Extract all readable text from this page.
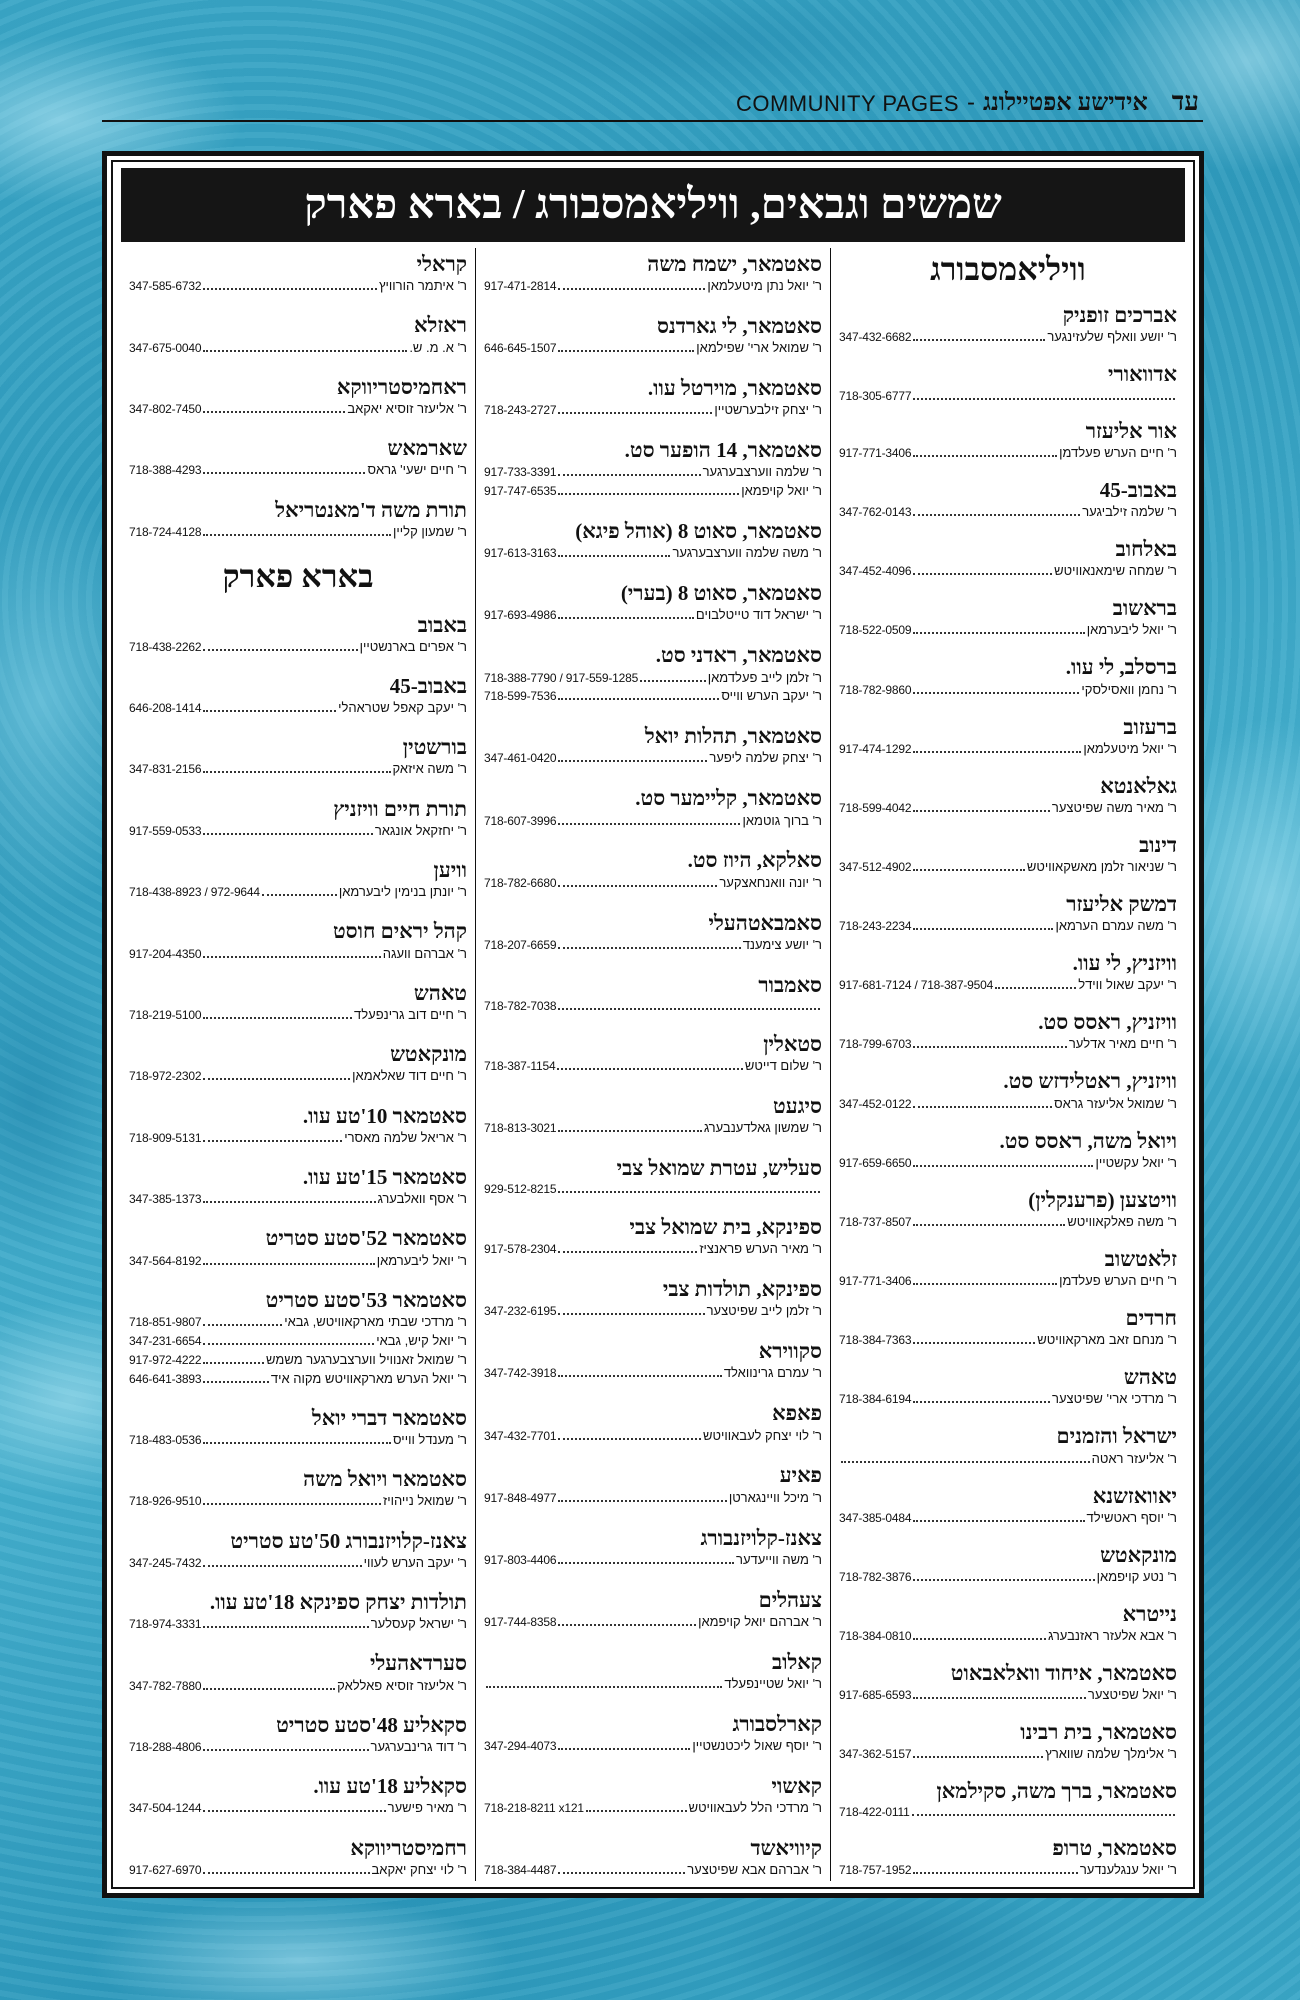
עד
אידישע אפטיילונג
-
COMMUNITY PAGES
שמשים וגבאים, וויליאמסבורג / בארא פארק
וויליאמסבורג
אברכים זופניק
ר' יושע וואלף שלעזינגער
347-432-6682
אדוואורי
718-305-6777
אור אליעזר
ר' חיים הערש פעלדמן
917-771-3406
באבוב-45
ר' שלמה זילביגער
347-762-0143
באלחוב
ר' שמחה שימאנאוויטש
347-452-4096
בראשוב
ר' יואל ליבערמאן
718-522-0509
ברסלב, לי עוו.
ר' נחמן וואסילסקי
718-782-9860
ברעזוב
ר' יואל מיטעלמאן
917-474-1292
גאלאנטא
ר' מאיר משה שפיטצער
718-599-4042
דינוב
ר' שניאור זלמן מאשקאוויטש
347-512-4902
דמשק אליעזר
ר' משה עמרם הערמאן
718-243-2234
וויזניץ, לי עוו.
ר' יעקב שאול ווידל
917-681-7124 / 718-387-9504
וויזניץ, ראסס סט.
ר' חיים מאיר אדלער
718-799-6703
וויזניץ, ראטלידזש סט.
ר' שמואל אליעזר גראס
347-452-0122
ויואל משה, ראסס סט.
ר' יואל עקשטיין
917-659-6650
וויטצען (פרענקלין)
ר' משה פאלקאוויטש
718-737-8507
זלאטשוב
ר' חיים הערש פעלדמן
917-771-3406
חרדים
ר' מנחם זאב מארקאוויטש
718-384-7363
טאהש
ר' מרדכי ארי' שפיטצער
718-384-6194
ישראל והזמנים
ר' אליעזר ראטה
יאוואזשנא
ר' יוסף ראטשילד
347-385-0484
מונקאטש
ר' נטע קויפמאן
718-782-3876
נייטרא
ר' אבא אלעזר ראזנבערג
718-384-0810
סאטמאר, איחוד וואלאבאוט
ר' יואל שפיטצער
917-685-6593
סאטמאר, בית רבינו
ר' אלימלך שלמה שווארץ
347-362-5157
סאטמאר, ברך משה, סקילמאן
718-422-0111
סאטמאר, טרופ
ר' יואל ענגלענדער
718-757-1952
סאטמאר, ישמח משה
ר' יואל נתן מיטעלמאן
917-471-2814
סאטמאר, לי גארדנס
ר' שמואל ארי' שפילמאן
646-645-1507
סאטמאר, מוירטל עוו.
ר' יצחק זילבערשטיין
718-243-2727
סאטמאר, 14 הופער סט.
ר' שלמה ווערצבערגער
917-733-3391
ר' יואל קויפמאן
917-747-6535
סאטמאר, סאוט 8 (אוהל פיגא)
ר' משה שלמה ווערצבערגער
917-613-3163
סאטמאר, סאוט 8 (בערי)
ר' ישראל דוד טייטלבוים
917-693-4986
סאטמאר, ראדני סט.
ר' זלמן לייב פעלדמאן
718-388-7790 / 917-559-1285
ר' יעקב הערש ווייס
718-599-7536
סאטמאר, תהלות יואל
ר' יצחק שלמה ליפער
347-461-0420
סאטמאר, קליימער סט.
ר' ברוך גוטמאן
718-607-3996
סאלקא, היוז סט.
ר' יונה וואנחאצקער
718-782-6680
סאמבאטהעלי
ר' יושע צימענד
718-207-6659
סאמבור
718-782-7038
סטאלין
ר' שלום דייטש
718-387-1154
סיגעט
ר' שמשון גאלדענבערג
718-813-3021
סעליש, עטרת שמואל צבי
929-512-8215
ספינקא, בית שמואל צבי
ר' מאיר הערש פראנציז
917-578-2304
ספינקא, תולדות צבי
ר' זלמן לייב שפיטצער
347-232-6195
סקווירא
ר' עמרם גרינוואלד
347-742-3918
פאפא
ר' לוי יצחק לעבאוויטש
347-432-7701
פאיע
ר' מיכל וויינגארטן
917-848-4977
צאנז-קלויזנבורג
ר' משה ווייעדער
917-803-4406
צעהלים
ר' אברהם יואל קויפמאן
917-744-8358
קאלוב
ר' יואל שטיינפעלד
קארלסבורג
ר' יוסף שאול ליכטנשטיין
347-294-4073
קאשוי
ר' מרדכי הלל לעבאוויטש
718-218-8211 x121
קיוויאשד
ר' אברהם אבא שפיטצער
718-384-4487
קראלי
ר' איתמר הורוויץ
347-585-6732
ראזלא
ר' א. מ. ש.
347-675-0040
ראחמיסטריווקא
ר' אליעזר זוסיא יאקאב
347-802-7450
שארמאש
ר' חיים ישעי' גראס
718-388-4293
תורת משה ד'מאנטריאל
ר' שמעון קליין
718-724-4128
בארא פארק
באבוב
ר' אפרים בארנשטיין
718-438-2262
באבוב-45
ר' יעקב קאפל שטראהלי
646-208-1414
בורשטין
ר' משה איזאק
347-831-2156
תורת חיים וויזניץ
ר' יחזקאל אונגאר
917-559-0533
וויען
ר' יונתן בנימין ליבערמאן
718-438-8923 / 972-9644
קהל יראים חוסט
ר' אברהם וועגה
917-204-4350
טאהש
ר' חיים דוב גרינפעלד
718-219-5100
מונקאטש
ר' חיים דוד שאלאמאן
718-972-2302
סאטמאר 10'טע עוו.
ר' אריאל שלמה מאסרי
718-909-5131
סאטמאר 15'טע עוו.
ר' אסף וואלבערג
347-385-1373
סאטמאר 52'סטע סטריט
ר' יואל ליבערמאן
347-564-8192
סאטמאר 53'סטע סטריט
ר' מרדכי שבתי מארקאוויטש, גבאי
718-851-9807
ר' יואל קיש, גבאי
347-231-6654
ר' שמואל זאנוויל ווערצבערגער משמש
917-972-4222
ר' יואל הערש מארקאוויטש מקוה איד
646-641-3893
סאטמאר דברי יואל
ר' מענדל ווייס
718-483-0536
סאטמאר ויואל משה
ר' שמואל נייהויז
718-926-9510
צאנז-קלויזנבורג 50'טע סטריט
ר' יעקב הערש לעווי
347-245-7432
תולדות יצחק ספינקא 18'טע עוו.
ר' ישראל קעסלער
718-974-3331
סערדאהעלי
ר' אליעזר זוסיא פאללאק
347-782-7880
סקאליע 48'סטע סטריט
ר' דוד גרינבערגער
718-288-4806
סקאליע 18'טע עוו.
ר' מאיר פישער
347-504-1244
רחמיסטריווקא
ר' לוי יצחק יאקאב
917-627-6970
